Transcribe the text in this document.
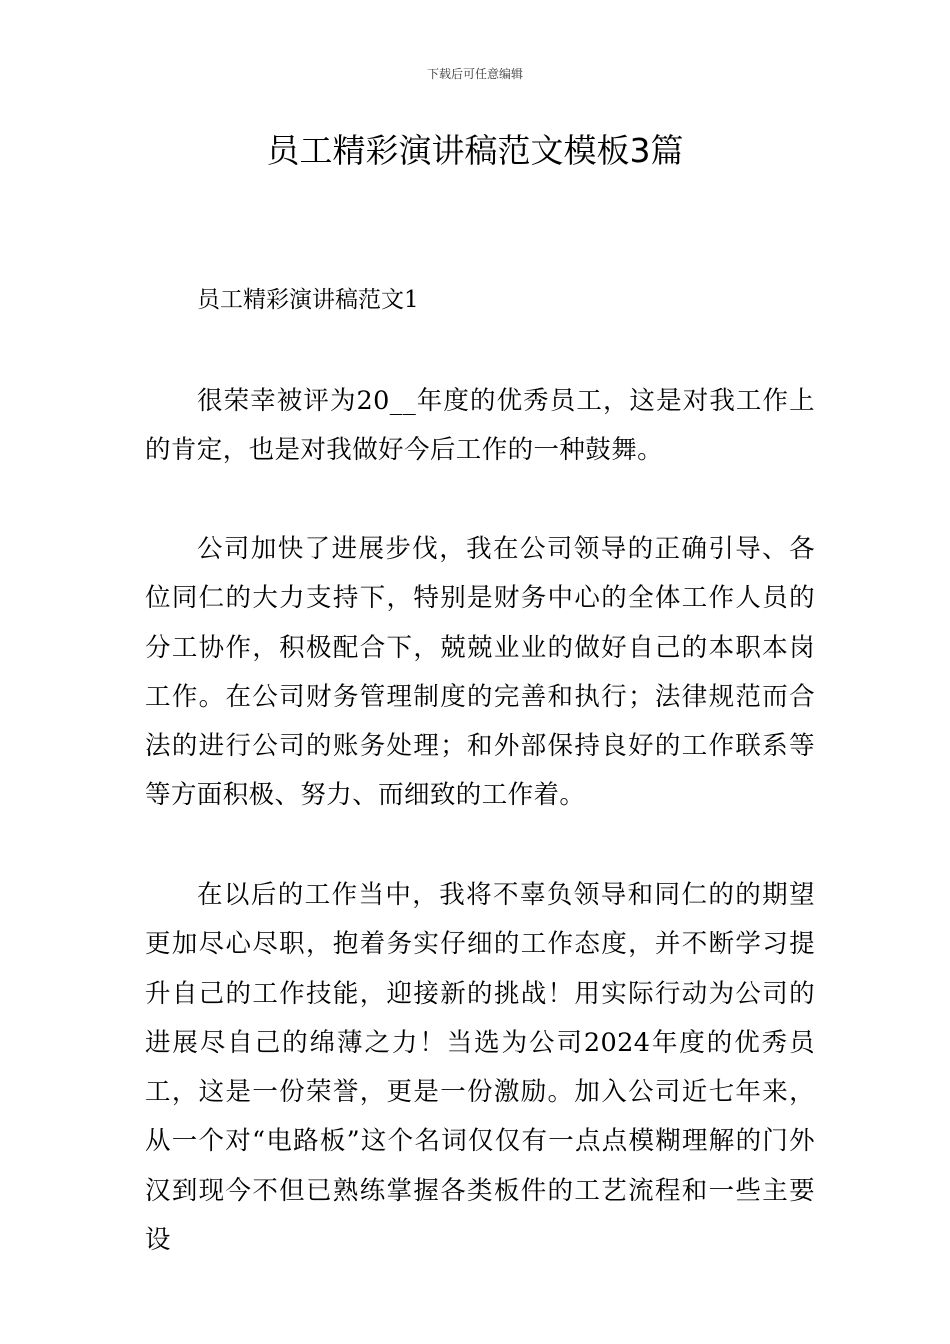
下载后可任意编辑
员工精彩演讲稿范文模板3篇
员工精彩演讲稿范文1

很荣幸被评为20__年度的优秀员工，这是对我工作上的肯定，也是对我做好今后工作的一种鼓舞。

公司加快了进展步伐，我在公司领导的正确引导、各位同仁的大力支持下，特别是财务中心的全体工作人员的分工协作，积极配合下，兢兢业业的做好自己的本职本岗工作。在公司财务管理制度的完善和执行；法律规范而合法的进行公司的账务处理；和外部保持良好的工作联系等等方面积极、努力、而细致的工作着。

在以后的工作当中，我将不辜负领导和同仁的的期望更加尽心尽职，抱着务实仔细的工作态度，并不断学习提升自己的工作技能，迎接新的挑战！用实际行动为公司的进展尽自己的绵薄之力！当选为公司2024年度的优秀员工，这是一份荣誉，更是一份激励。加入公司近七年来，从一个对“电路板”这个名词仅仅有一点点模糊理解的门外汉到现今不但已熟练掌握各类板件的工艺流程和一些主要设
